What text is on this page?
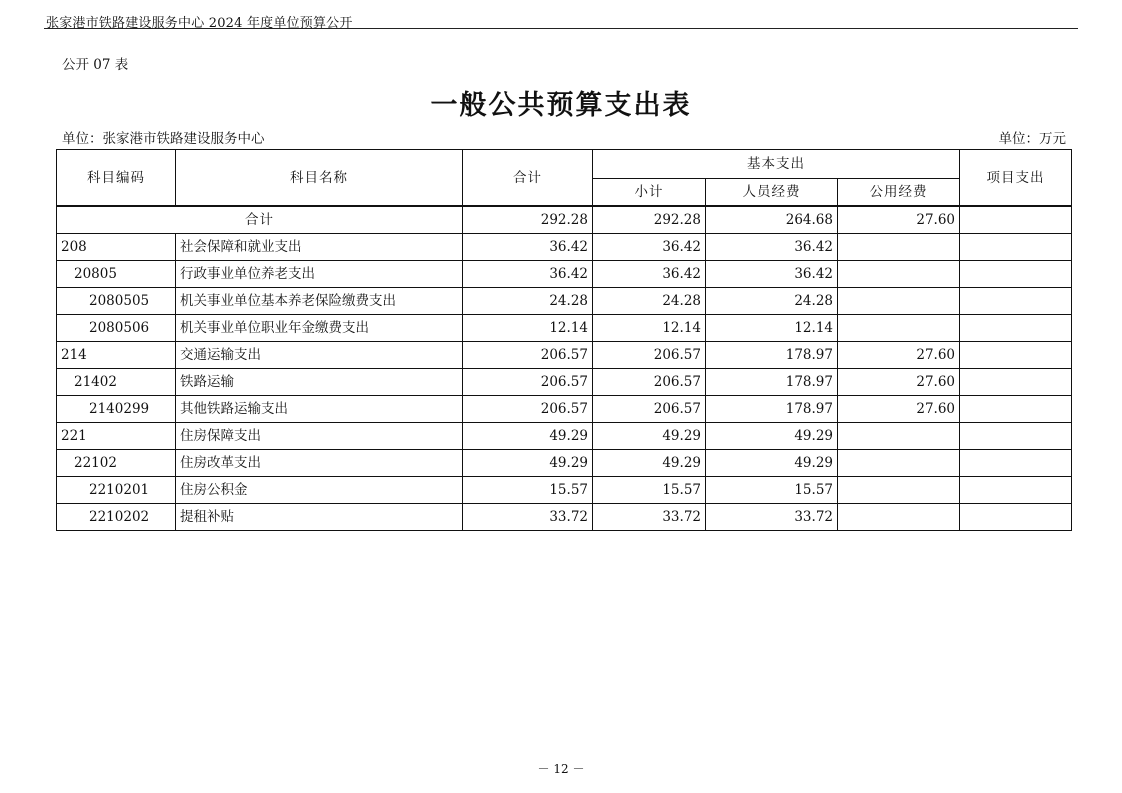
张家港市铁路建设服务中心 2024 年度单位预算公开
公开 07 表
一般公共预算支出表
单位：张家港市铁路建设服务中心	单位：万元
科目编码	科目名称	合计	基本支出			项目支出
			小计	人员经费	公用经费	
合计		292.28	292.28	264.68	27.60	
208	社会保障和就业支出	36.42	36.42	36.42		
20805	行政事业单位养老支出	36.42	36.42	36.42		
2080505	机关事业单位基本养老保险缴费支出	24.28	24.28	24.28		
2080506	机关事业单位职业年金缴费支出	12.14	12.14	12.14		
214	交通运输支出	206.57	206.57	178.97	27.60	
21402	铁路运输	206.57	206.57	178.97	27.60	
2140299	其他铁路运输支出	206.57	206.57	178.97	27.60	
221	住房保障支出	49.29	49.29	49.29		
22102	住房改革支出	49.29	49.29	49.29		
2210201	住房公积金	15.57	15.57	15.57		
2210202	提租补贴	33.72	33.72	33.72		
－ 12 －
